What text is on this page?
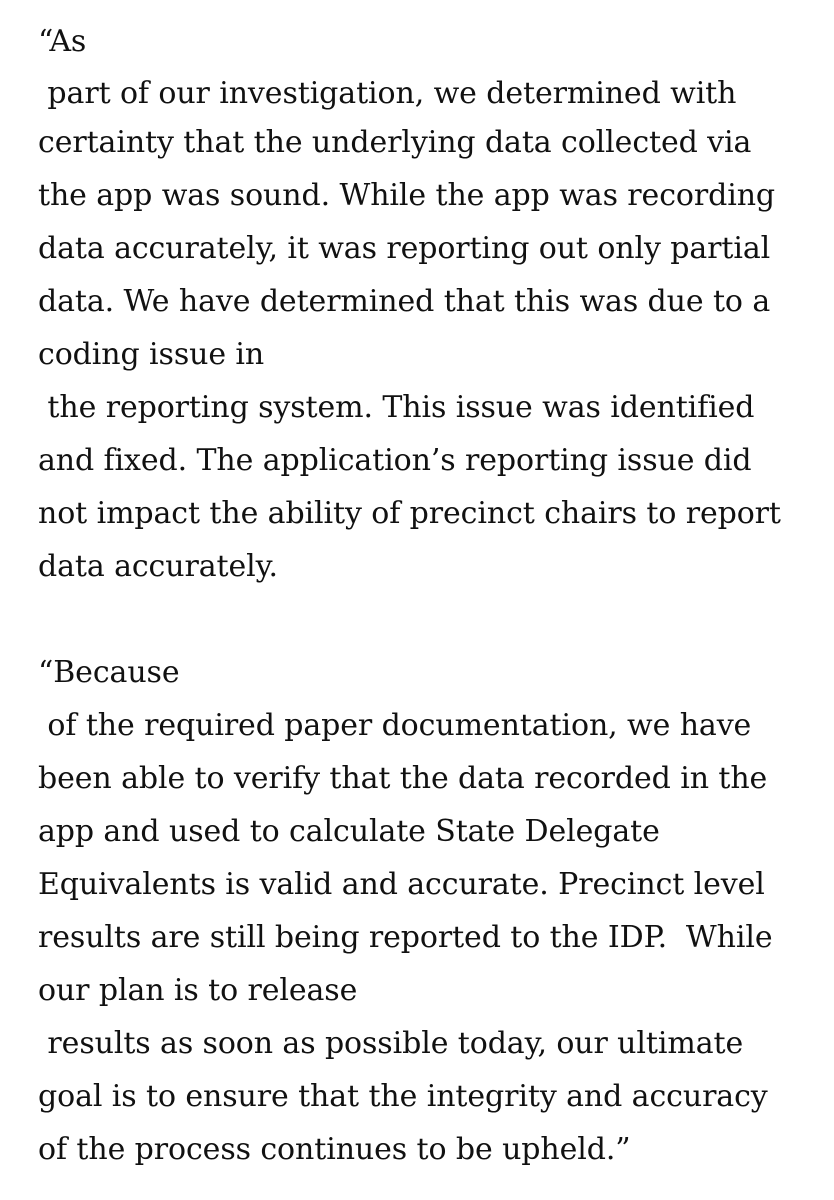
“As
part of our investigation, we determined with
certainty that the underlying data collected via
the app was sound. While the app was recording
data accurately, it was reporting out only partial
data. We have determined that this was due to a
coding issue in
the reporting system. This issue was identified
and fixed. The application’s reporting issue did
not impact the ability of precinct chairs to report
data accurately.
“Because
of the required paper documentation, we have
been able to verify that the data recorded in the
app and used to calculate State Delegate
Equivalents is valid and accurate. Precinct level
results are still being reported to the IDP.  While
our plan is to release
results as soon as possible today, our ultimate
goal is to ensure that the integrity and accuracy
of the process continues to be upheld.”
